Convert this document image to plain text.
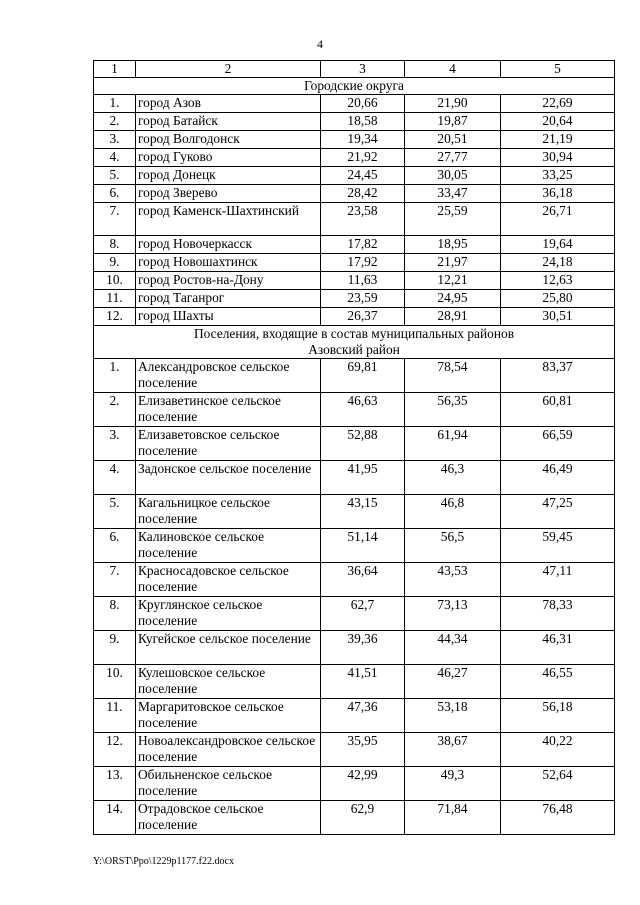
4
1	2	3	4	5
Городские округа				
1.	город Азов	20,66	21,90	22,69
2.	город Батайск	18,58	19,87	20,64
3.	город Волгодонск	19,34	20,51	21,19
4.	город Гуково	21,92	27,77	30,94
5.	город Донецк	24,45	30,05	33,25
6.	город Зверево	28,42	33,47	36,18
7.	город Каменск-Шахтинский	23,58	25,59	26,71
8.	город Новочеркасск	17,82	18,95	19,64
9.	город Новошахтинск	17,92	21,97	24,18
10.	город Ростов-на-Дону	11,63	12,21	12,63
11.	город Таганрог	23,59	24,95	25,80
12.	город Шахты	26,37	28,91	30,51

Поселения, входящие в состав муниципальных районов
Азовский район				

1.	Александровское сельское поселение	69,81	78,54	83,37
2.	Елизаветинское сельское поселение	46,63	56,35	60,81
3.	Елизаветовское сельское поселение	52,88	61,94	66,59
4.	Задонское сельское поселение	41,95	46,3	46,49
5.	Кагальницкое сельское поселение	43,15	46,8	47,25
6.	Калиновское сельское поселение	51,14	56,5	59,45
7.	Красносадовское сельское поселение	36,64	43,53	47,11
8.	Круглянское сельское поселение	62,7	73,13	78,33
9.	Кугейское сельское поселение	39,36	44,34	46,31
10.	Кулешовское сельское поселение	41,51	46,27	46,55
11.	Маргаритовское сельское поселение	47,36	53,18	56,18
12.	Новоалександровское сельское поселение	35,95	38,67	40,22
13.	Обильненское сельское поселение	42,99	49,3	52,64
14.	Отрадовское сельское поселение	62,9	71,84	76,48
Y:\ORST\Ppo\1229p1177.f22.docx
